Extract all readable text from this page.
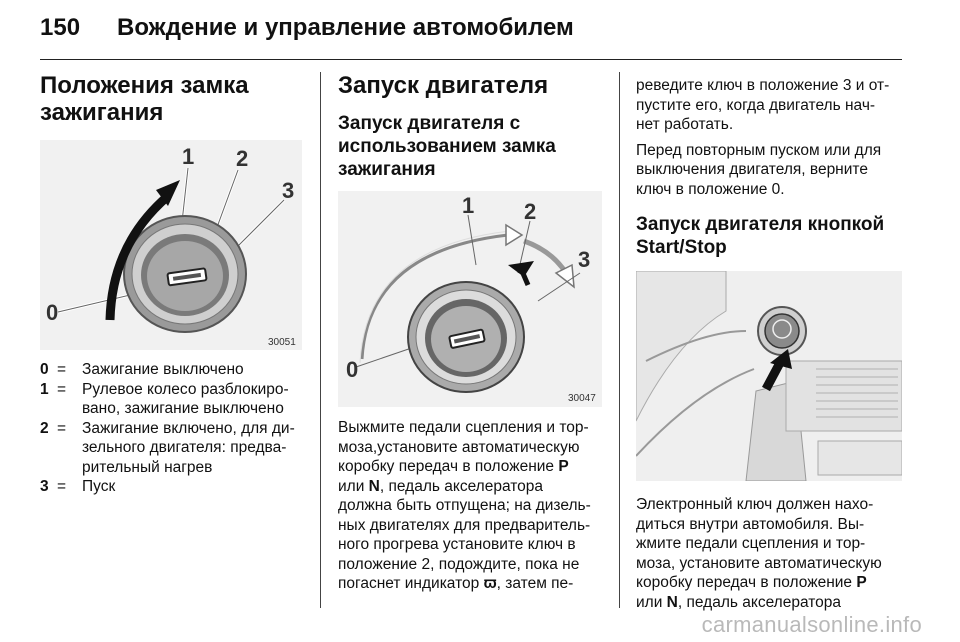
150 Вождение и управление автомобилем
Положения замка
зажигания
0
1 2
3
30051
0 =	Зажигание выключено
1 =	Рулевое колесо разблокиро-
вано, зажигание выключено
2 =	Зажигание включено, для ди-
зельного двигателя: предва-
рительный нагрев
3 =	Пуск
Запуск двигателя
Запуск двигателя с
использованием замка
зажигания
0
1 2
3
30047

Выжмите педали сцепления и тор-
моза,установите автоматическую
коробку передач в положение P
или N, педаль акселератора
должна быть отпущена; на дизель-
ных двигателях для предваритель-
ного прогрева установите ключ в
положение 2, подождите, пока не
погаснет индикатор ϖ, затем пе-

реведите ключ в положение 3 и от-
пустите его, когда двигатель нач-
нет работать.

Перед повторным пуском или для
выключения двигателя, верните
ключ в положение 0.

Запуск двигателя кнопкой
Start/Stop

Электронный ключ должен нахо-
диться внутри автомобиля. Вы-
жмите педали сцепления и тор-
моза, установите автоматическую
коробку передач в положение P
или N, педаль акселератора

carmanualsonline.info
